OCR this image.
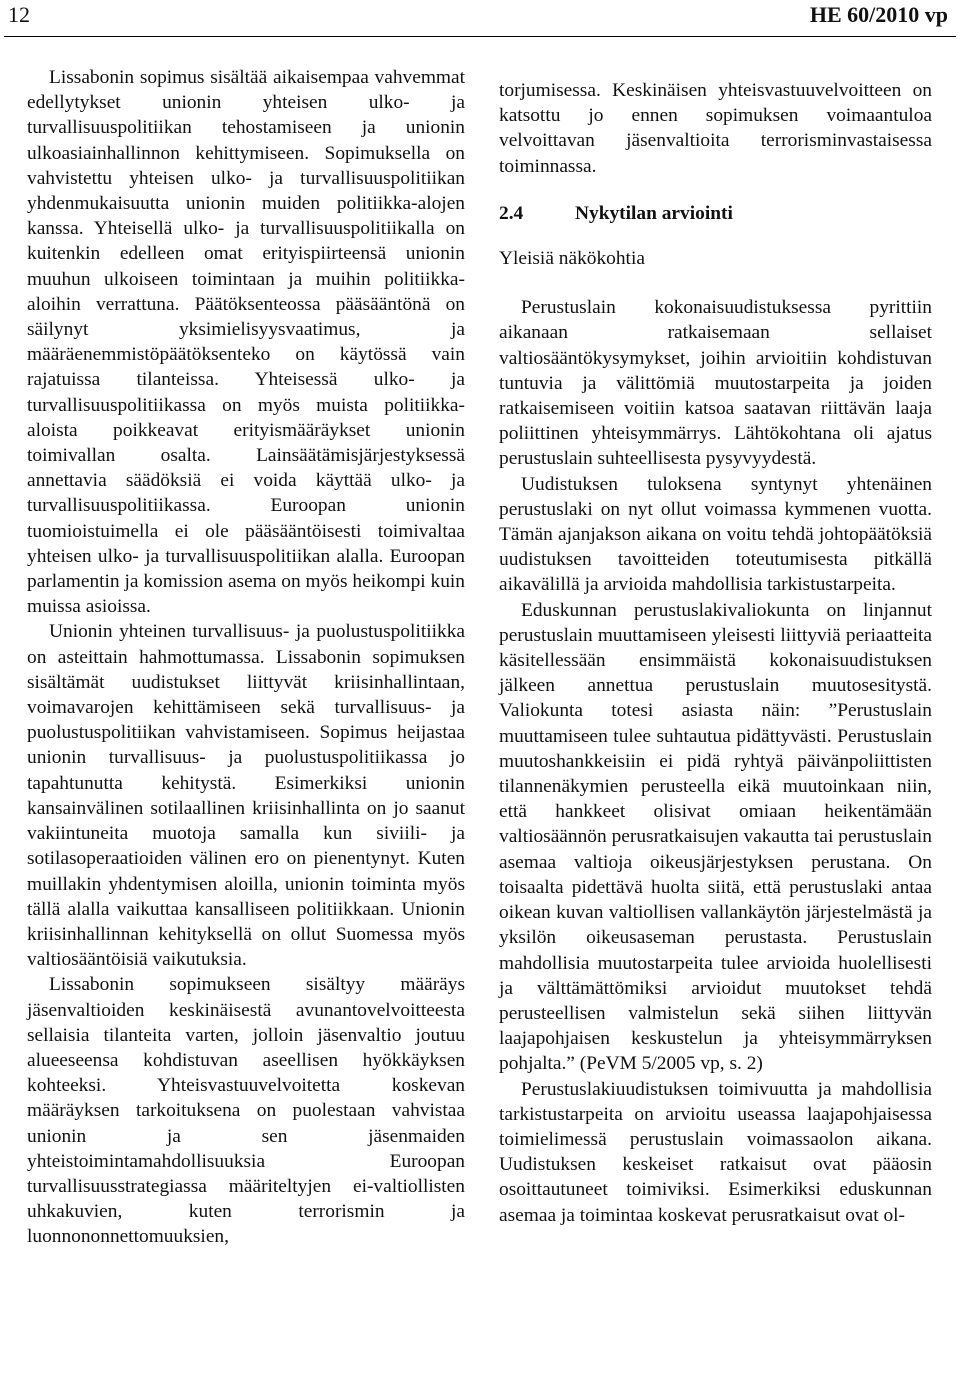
12	HE 60/2010 vp

Lissabonin sopimus sisältää aikaisempaa vahvemmat edellytykset unionin yhteisen ulko- ja turvallisuuspolitiikan tehostamiseen ja unionin ulkoasiainhallinnon kehittymiseen. Sopimuksella on vahvistettu yhteisen ulko- ja turvallisuuspolitiikan yhdenmukaisuutta unionin muiden politiikka-alojen kanssa. Yhteisellä ulko- ja turvallisuuspolitiikalla on kuitenkin edelleen omat erityispiirteensä unionin muuhun ulkoiseen toimintaan ja muihin politiikka-aloihin verrattuna. Päätöksenteossa pääsääntönä on säilynyt yksimielisyysvaatimus, ja määräenemmistöpäätöksenteko on käytössä vain rajatuissa tilanteissa. Yhteisessä ulko- ja turvallisuuspolitiikassa on myös muista politiikka-aloista poikkeavat erityismääräykset unionin toimivallan osalta. Lainsäätämisjärjestyksessä annettavia säädöksiä ei voida käyttää ulko- ja turvallisuuspolitiikassa. Euroopan unionin tuomioistuimella ei ole pääsääntöisesti toimivaltaa yhteisen ulko- ja turvallisuuspolitiikan alalla. Euroopan parlamentin ja komission asema on myös heikompi kuin muissa asioissa.

Unionin yhteinen turvallisuus- ja puolustuspolitiikka on asteittain hahmottumassa. Lissabonin sopimuksen sisältämät uudistukset liittyvät kriisinhallintaan, voimavarojen kehittämiseen sekä turvallisuus- ja puolustuspolitiikan vahvistamiseen. Sopimus heijastaa unionin turvallisuus- ja puolustuspolitiikassa jo tapahtunutta kehitystä. Esimerkiksi unionin kansainvälinen sotilaallinen kriisinhallinta on jo saanut vakiintuneita muotoja samalla kun siviili- ja sotilasoperaatioiden välinen ero on pienentynyt. Kuten muillakin yhdentymisen aloilla, unionin toiminta myös tällä alalla vaikuttaa kansalliseen politiikkaan. Unionin kriisinhallinnan kehityksellä on ollut Suomessa myös valtiosääntöisiä vaikutuksia.

Lissabonin sopimukseen sisältyy määräys jäsenvaltioiden keskinäisestä avunantovelvoitteesta sellaisia tilanteita varten, jolloin jäsenvaltio joutuu alueeseensa kohdistuvan aseellisen hyökkäyksen kohteeksi. Yhteisvastuuvelvoitetta koskevan määräyksen tarkoituksena on puolestaan vahvistaa unionin ja sen jäsenmaiden yhteistoimintamahdollisuuksia Euroopan turvallisuusstrategiassa määriteltyjen ei-valtiollisten uhkakuvien, kuten terrorismin ja luonnononnettomuuksien,

torjumisessa. Keskinäisen yhteisvastuuvelvoitteen on katsottu jo ennen sopimuksen voimaantuloa velvoittavan jäsenvaltioita terrorisminvastaisessa toiminnassa.

2.4	Nykytilan arviointi
Yleisiä näkökohtia

Perustuslain kokonaisuudistuksessa pyrittiin aikanaan ratkaisemaan sellaiset valtiosääntökysymykset, joihin arvioitiin kohdistuvan tuntuvia ja välittömiä muutostarpeita ja joiden ratkaisemiseen voitiin katsoa saatavan riittävän laaja poliittinen yhteisymmärrys. Lähtökohtana oli ajatus perustuslain suhteellisesta pysyvyydestä.

Uudistuksen tuloksena syntynyt yhtenäinen perustuslaki on nyt ollut voimassa kymmenen vuotta. Tämän ajanjakson aikana on voitu tehdä johtopäätöksiä uudistuksen tavoitteiden toteutumisesta pitkällä aikavälillä ja arvioida mahdollisia tarkistustarpeita.

Eduskunnan perustuslakivaliokunta on linjannut perustuslain muuttamiseen yleisesti liittyviä periaatteita käsitellessään ensimmäistä kokonaisuudistuksen jälkeen annettua perustuslain muutosesitystä. Valiokunta totesi asiasta näin: ”Perustuslain muuttamiseen tulee suhtautua pidättyvästi. Perustuslain muutoshankkeisiin ei pidä ryhtyä päivänpoliittisten tilannenäkymien perusteella eikä muutoinkaan niin, että hankkeet olisivat omiaan heikentämään valtiosäännön perusratkaisujen vakautta tai perustuslain asemaa valtioja oikeusjärjestyksen perustana. On toisaalta pidettävä huolta siitä, että perustuslaki antaa oikean kuvan valtiollisen vallankäytön järjestelmästä ja yksilön oikeusaseman perustasta. Perustuslain mahdollisia muutostarpeita tulee arvioida huolellisesti ja välttämättömiksi arvioidut muutokset tehdä perusteellisen valmistelun sekä siihen liittyvän laajapohjaisen keskustelun ja yhteisymmärryksen pohjalta.” (PeVM 5/2005 vp, s. 2)

Perustuslakiuudistuksen toimivuutta ja mahdollisia tarkistustarpeita on arvioitu useassa laajapohjaisessa toimielimessä perustuslain voimassaolon aikana. Uudistuksen keskeiset ratkaisut ovat pääosin osoittautuneet toimiviksi. Esimerkiksi eduskunnan asemaa ja toimintaa koskevat perusratkaisut ovat ol-
